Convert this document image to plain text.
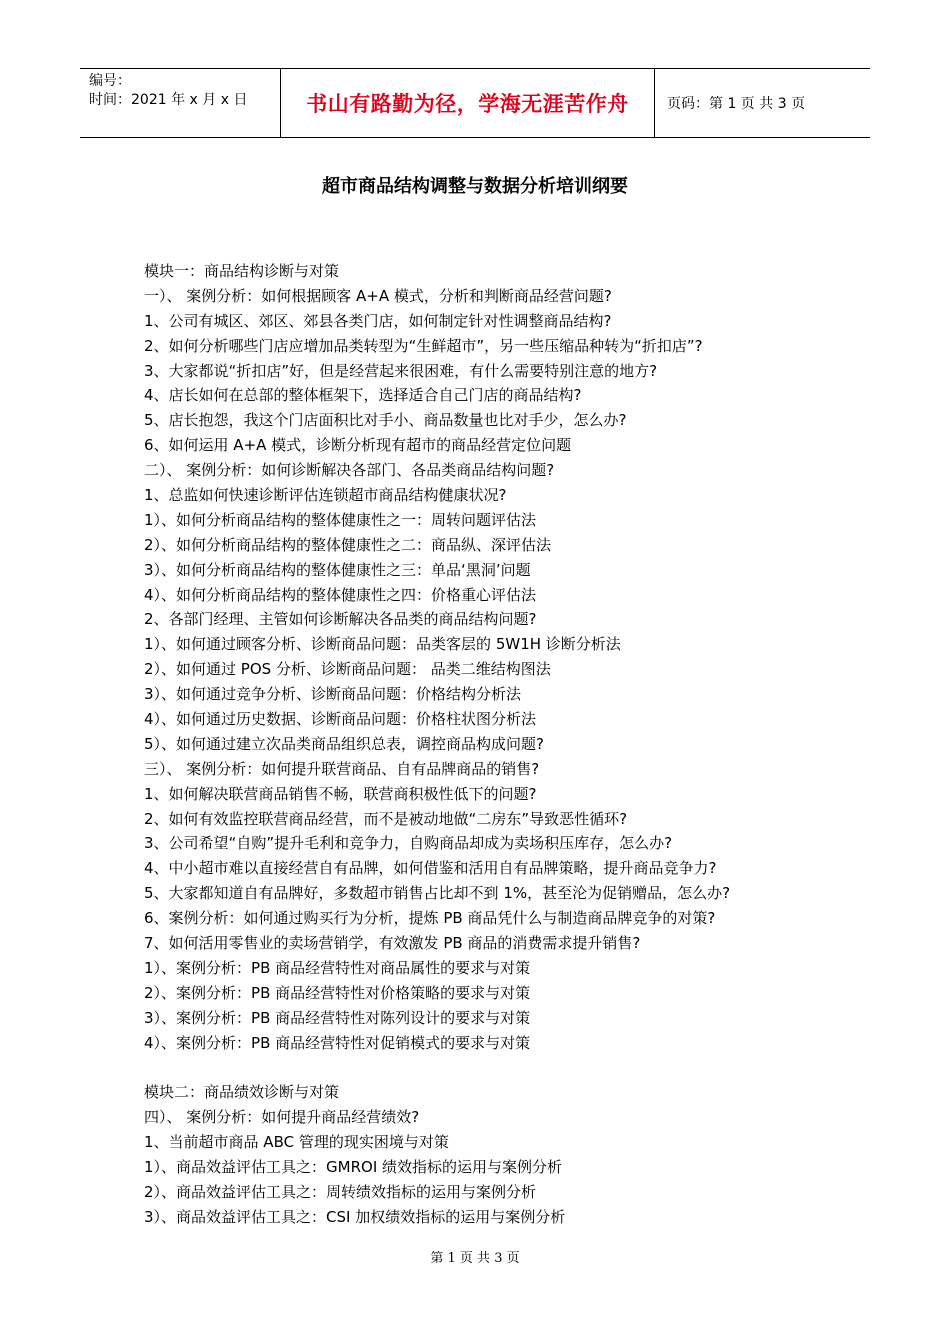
编号：
时间：2021 年 x 月 x 日	书山有路勤为径，学海无涯苦作舟	页码：第 1 页 共 3 页
超市商品结构调整与数据分析培训纲要
模块一：商品结构诊断与对策
一）、 案例分析：如何根据顾客 A+A 模式，分析和判断商品经营问题?
1、公司有城区、郊区、郊县各类门店，如何制定针对性调整商品结构?
2、如何分析哪些门店应增加品类转型为“生鲜超市”，另一些压缩品种转为“折扣店”?
3、大家都说“折扣店”好，但是经营起来很困难，有什么需要特别注意的地方?
4、店长如何在总部的整体框架下，选择适合自己门店的商品结构?
5、店长抱怨，我这个门店面积比对手小、商品数量也比对手少，怎么办?
6、如何运用 A+A 模式，诊断分析现有超市的商品经营定位问题
二）、 案例分析：如何诊断解决各部门、各品类商品结构问题?
1、总监如何快速诊断评估连锁超市商品结构健康状况?
1）、如何分析商品结构的整体健康性之一：周转问题评估法
2）、如何分析商品结构的整体健康性之二：商品纵、深评估法
3）、如何分析商品结构的整体健康性之三：单品‘黑洞’问题
4）、如何分析商品结构的整体健康性之四：价格重心评估法
2、各部门经理、主管如何诊断解决各品类的商品结构问题?
1）、如何通过顾客分析、诊断商品问题：品类客层的 5W1H 诊断分析法
2）、如何通过 POS 分析、诊断商品问题： 品类二维结构图法
3）、如何通过竞争分析、诊断商品问题：价格结构分析法
4）、如何通过历史数据、诊断商品问题：价格柱状图分析法
5）、如何通过建立次品类商品组织总表，调控商品构成问题?
三）、 案例分析：如何提升联营商品、自有品牌商品的销售?
1、如何解决联营商品销售不畅，联营商积极性低下的问题?
2、如何有效监控联营商品经营，而不是被动地做“二房东”导致恶性循环?
3、公司希望“自购”提升毛利和竞争力，自购商品却成为卖场积压库存，怎么办?
4、中小超市难以直接经营自有品牌，如何借鉴和活用自有品牌策略，提升商品竞争力?
5、大家都知道自有品牌好，多数超市销售占比却不到 1%，甚至沦为促销赠品，怎么办?
6、案例分析：如何通过购买行为分析，提炼 PB 商品凭什么与制造商品牌竞争的对策?
7、如何活用零售业的卖场营销学，有效激发 PB 商品的消费需求提升销售?
1）、案例分析：PB 商品经营特性对商品属性的要求与对策
2）、案例分析：PB 商品经营特性对价格策略的要求与对策
3）、案例分析：PB 商品经营特性对陈列设计的要求与对策
4）、案例分析：PB 商品经营特性对促销模式的要求与对策
模块二：商品绩效诊断与对策
四）、 案例分析：如何提升商品经营绩效?
1、当前超市商品 ABC 管理的现实困境与对策
1）、商品效益评估工具之：GMROI 绩效指标的运用与案例分析
2）、商品效益评估工具之：周转绩效指标的运用与案例分析
3）、商品效益评估工具之：CSI 加权绩效指标的运用与案例分析
第 1 页 共 3 页
